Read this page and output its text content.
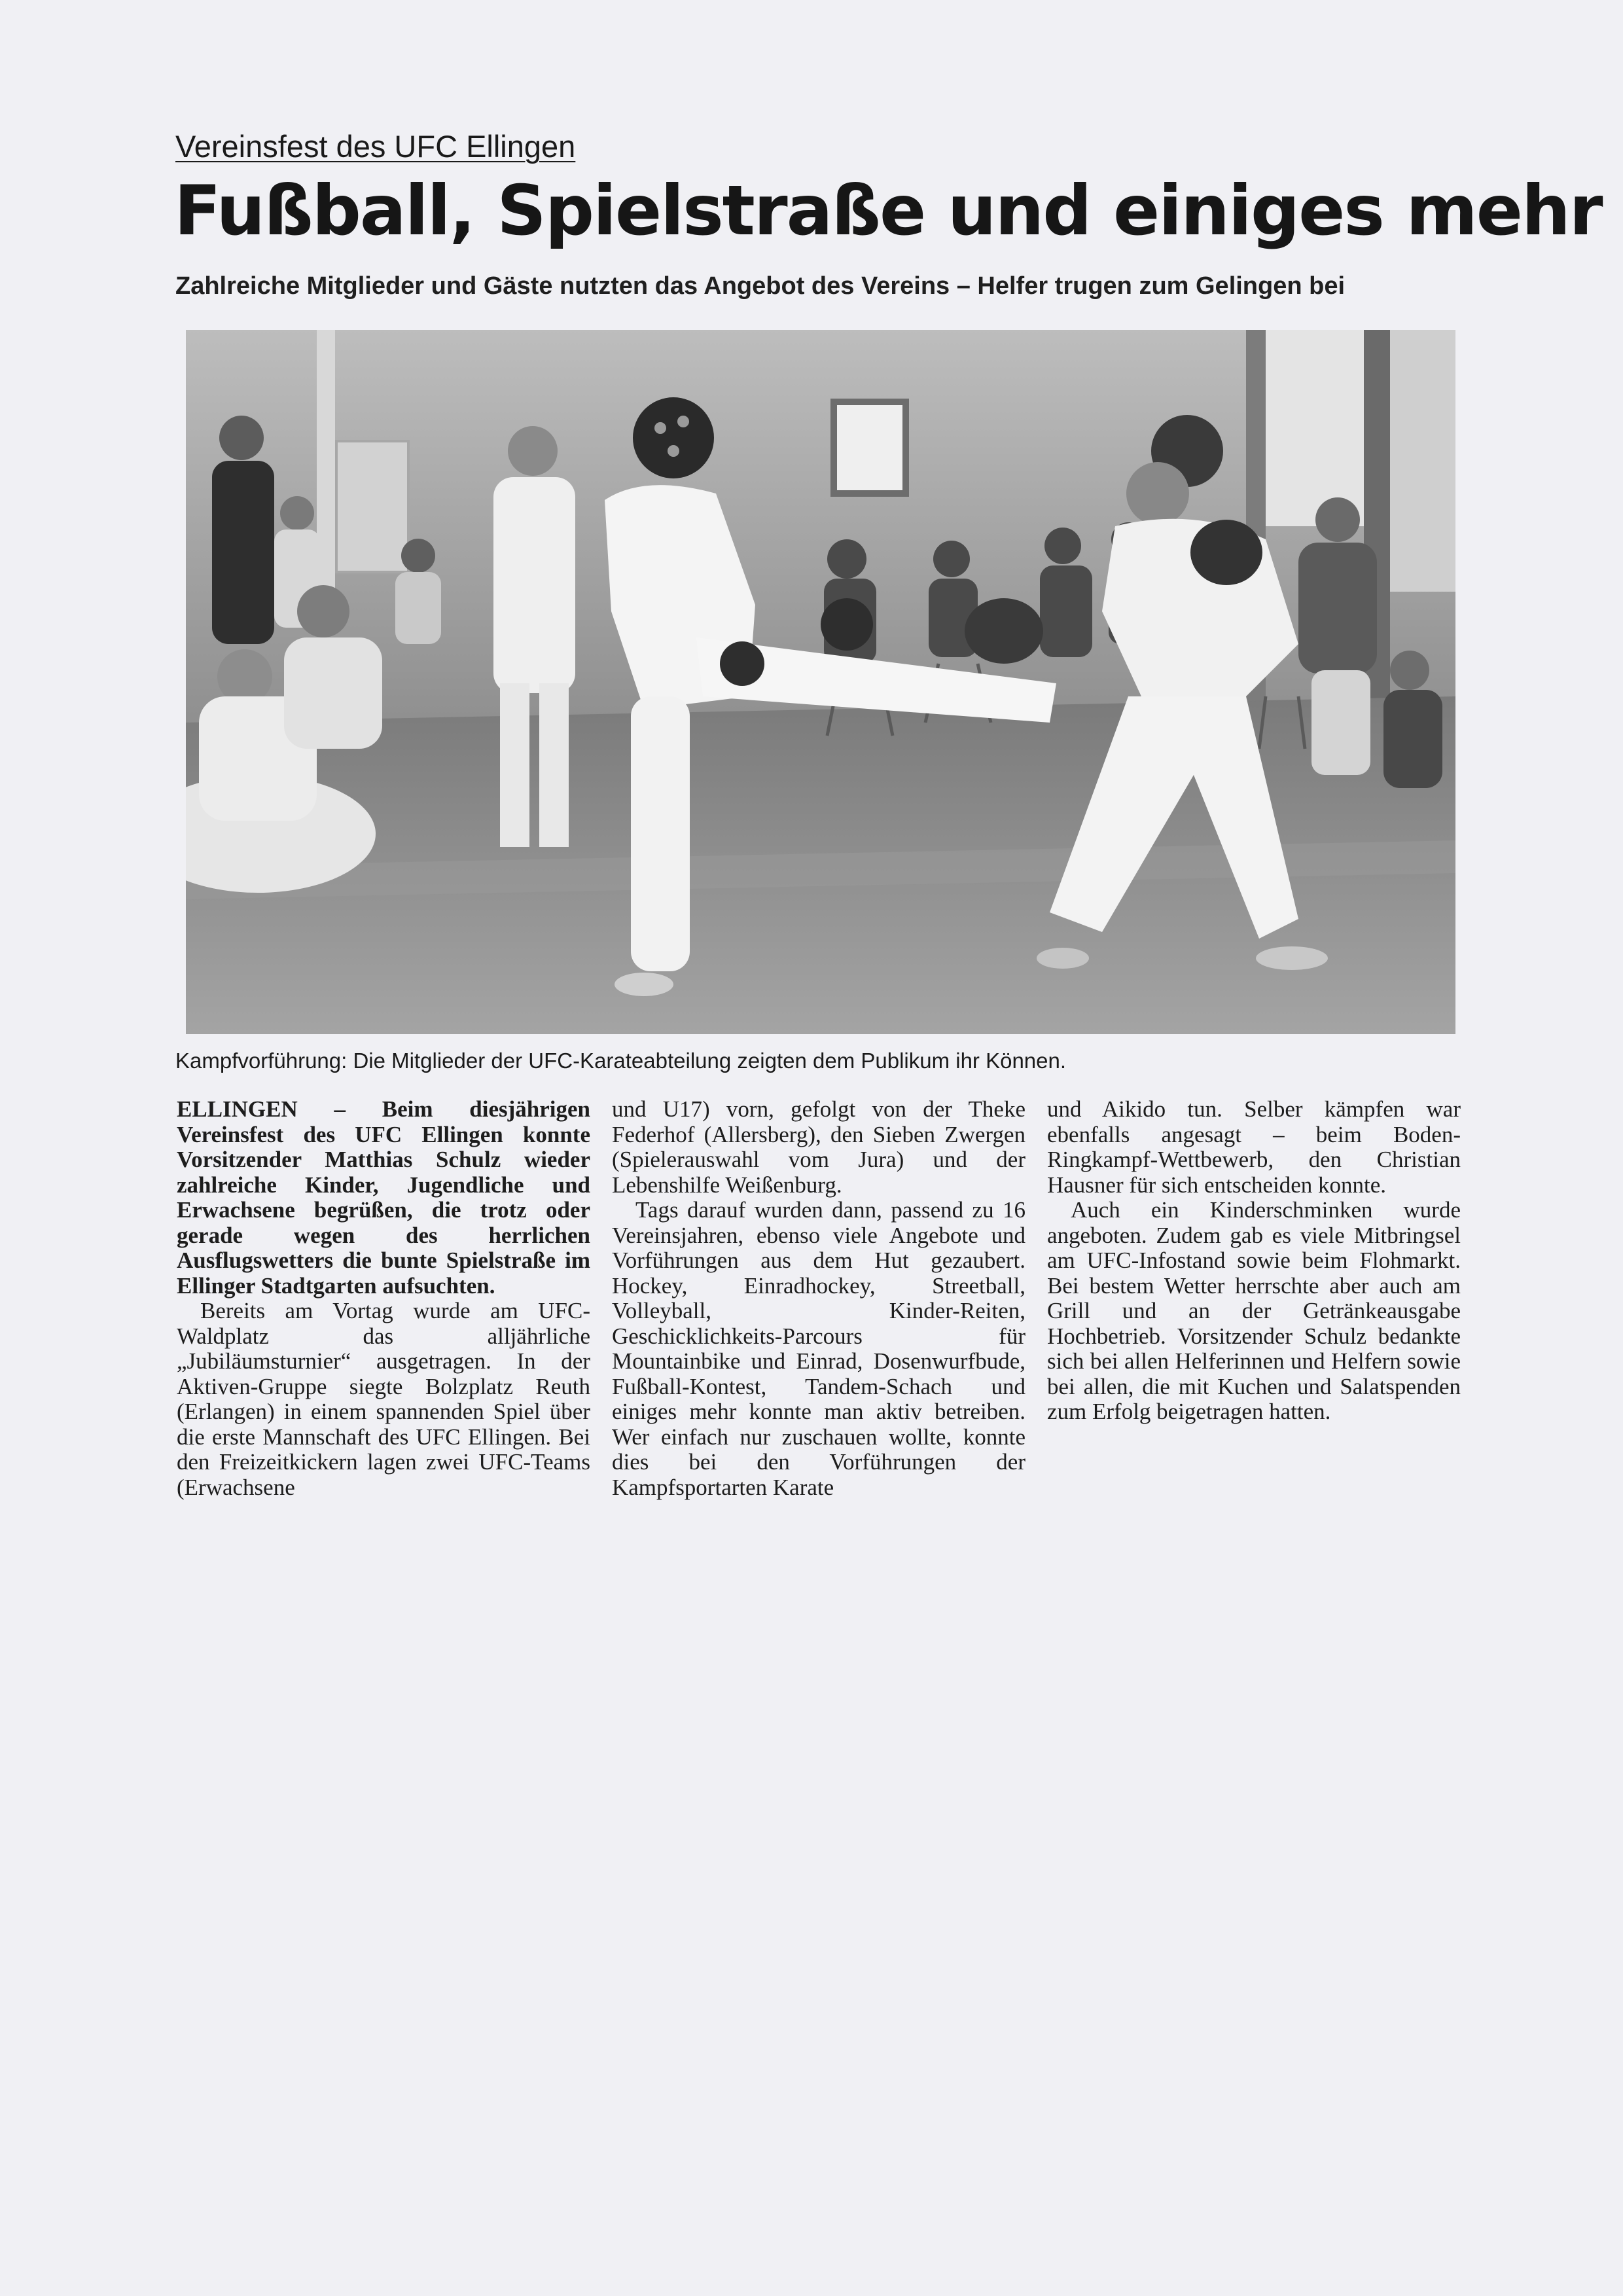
Vereinsfest des UFC Ellingen
Fußball, Spielstraße und einiges mehr
Zahlreiche Mitglieder und Gäste nutzten das Angebot des Vereins – Helfer trugen zum Gelingen bei
Kampfvorführung: Die Mitglieder der UFC-Karateabteilung zeigten dem Publikum ihr Können.

ELLINGEN – Beim diesjährigen Vereinsfest des UFC Ellingen konnte Vorsitzender Matthias Schulz wieder zahlreiche Kinder, Jugendliche und Erwachsene begrüßen, die trotz oder gerade wegen des herrlichen Ausflugswetters die bunte Spielstraße im Ellinger Stadtgarten aufsuchten.

Bereits am Vortag wurde am UFC-Waldplatz das alljährliche „Jubiläumsturnier“ ausgetragen. In der Aktiven-Gruppe siegte Bolzplatz Reuth (Erlangen) in einem spannenden Spiel über die erste Mannschaft des UFC Ellingen. Bei den Freizeitkickern lagen zwei UFC-Teams (Erwachsene

und U17) vorn, gefolgt von der Theke Federhof (Allersberg), den Sieben Zwergen (Spielerauswahl vom Jura) und der Lebenshilfe Weißenburg.

Tags darauf wurden dann, passend zu 16 Vereinsjahren, ebenso viele Angebote und Vorführungen aus dem Hut gezaubert. Hockey, Einradhockey, Streetball, Volleyball, Kinder-Reiten, Geschicklichkeits-Parcours für Mountainbike und Einrad, Dosenwurfbude, Fußball-Kontest, Tandem-Schach und einiges mehr konnte man aktiv betreiben. Wer einfach nur zuschauen wollte, konnte dies bei den Vorführungen der Kampfsportarten Karate

und Aikido tun. Selber kämpfen war ebenfalls angesagt – beim Boden-Ringkampf-Wettbewerb, den Christian Hausner für sich entscheiden konnte.

Auch ein Kinderschminken wurde angeboten. Zudem gab es viele Mitbringsel am UFC-Infostand sowie beim Flohmarkt. Bei bestem Wetter herrschte aber auch am Grill und an der Getränkeausgabe Hochbetrieb. Vorsitzender Schulz bedankte sich bei allen Helferinnen und Helfern sowie bei allen, die mit Kuchen und Salatspenden zum Erfolg beigetragen hatten.
